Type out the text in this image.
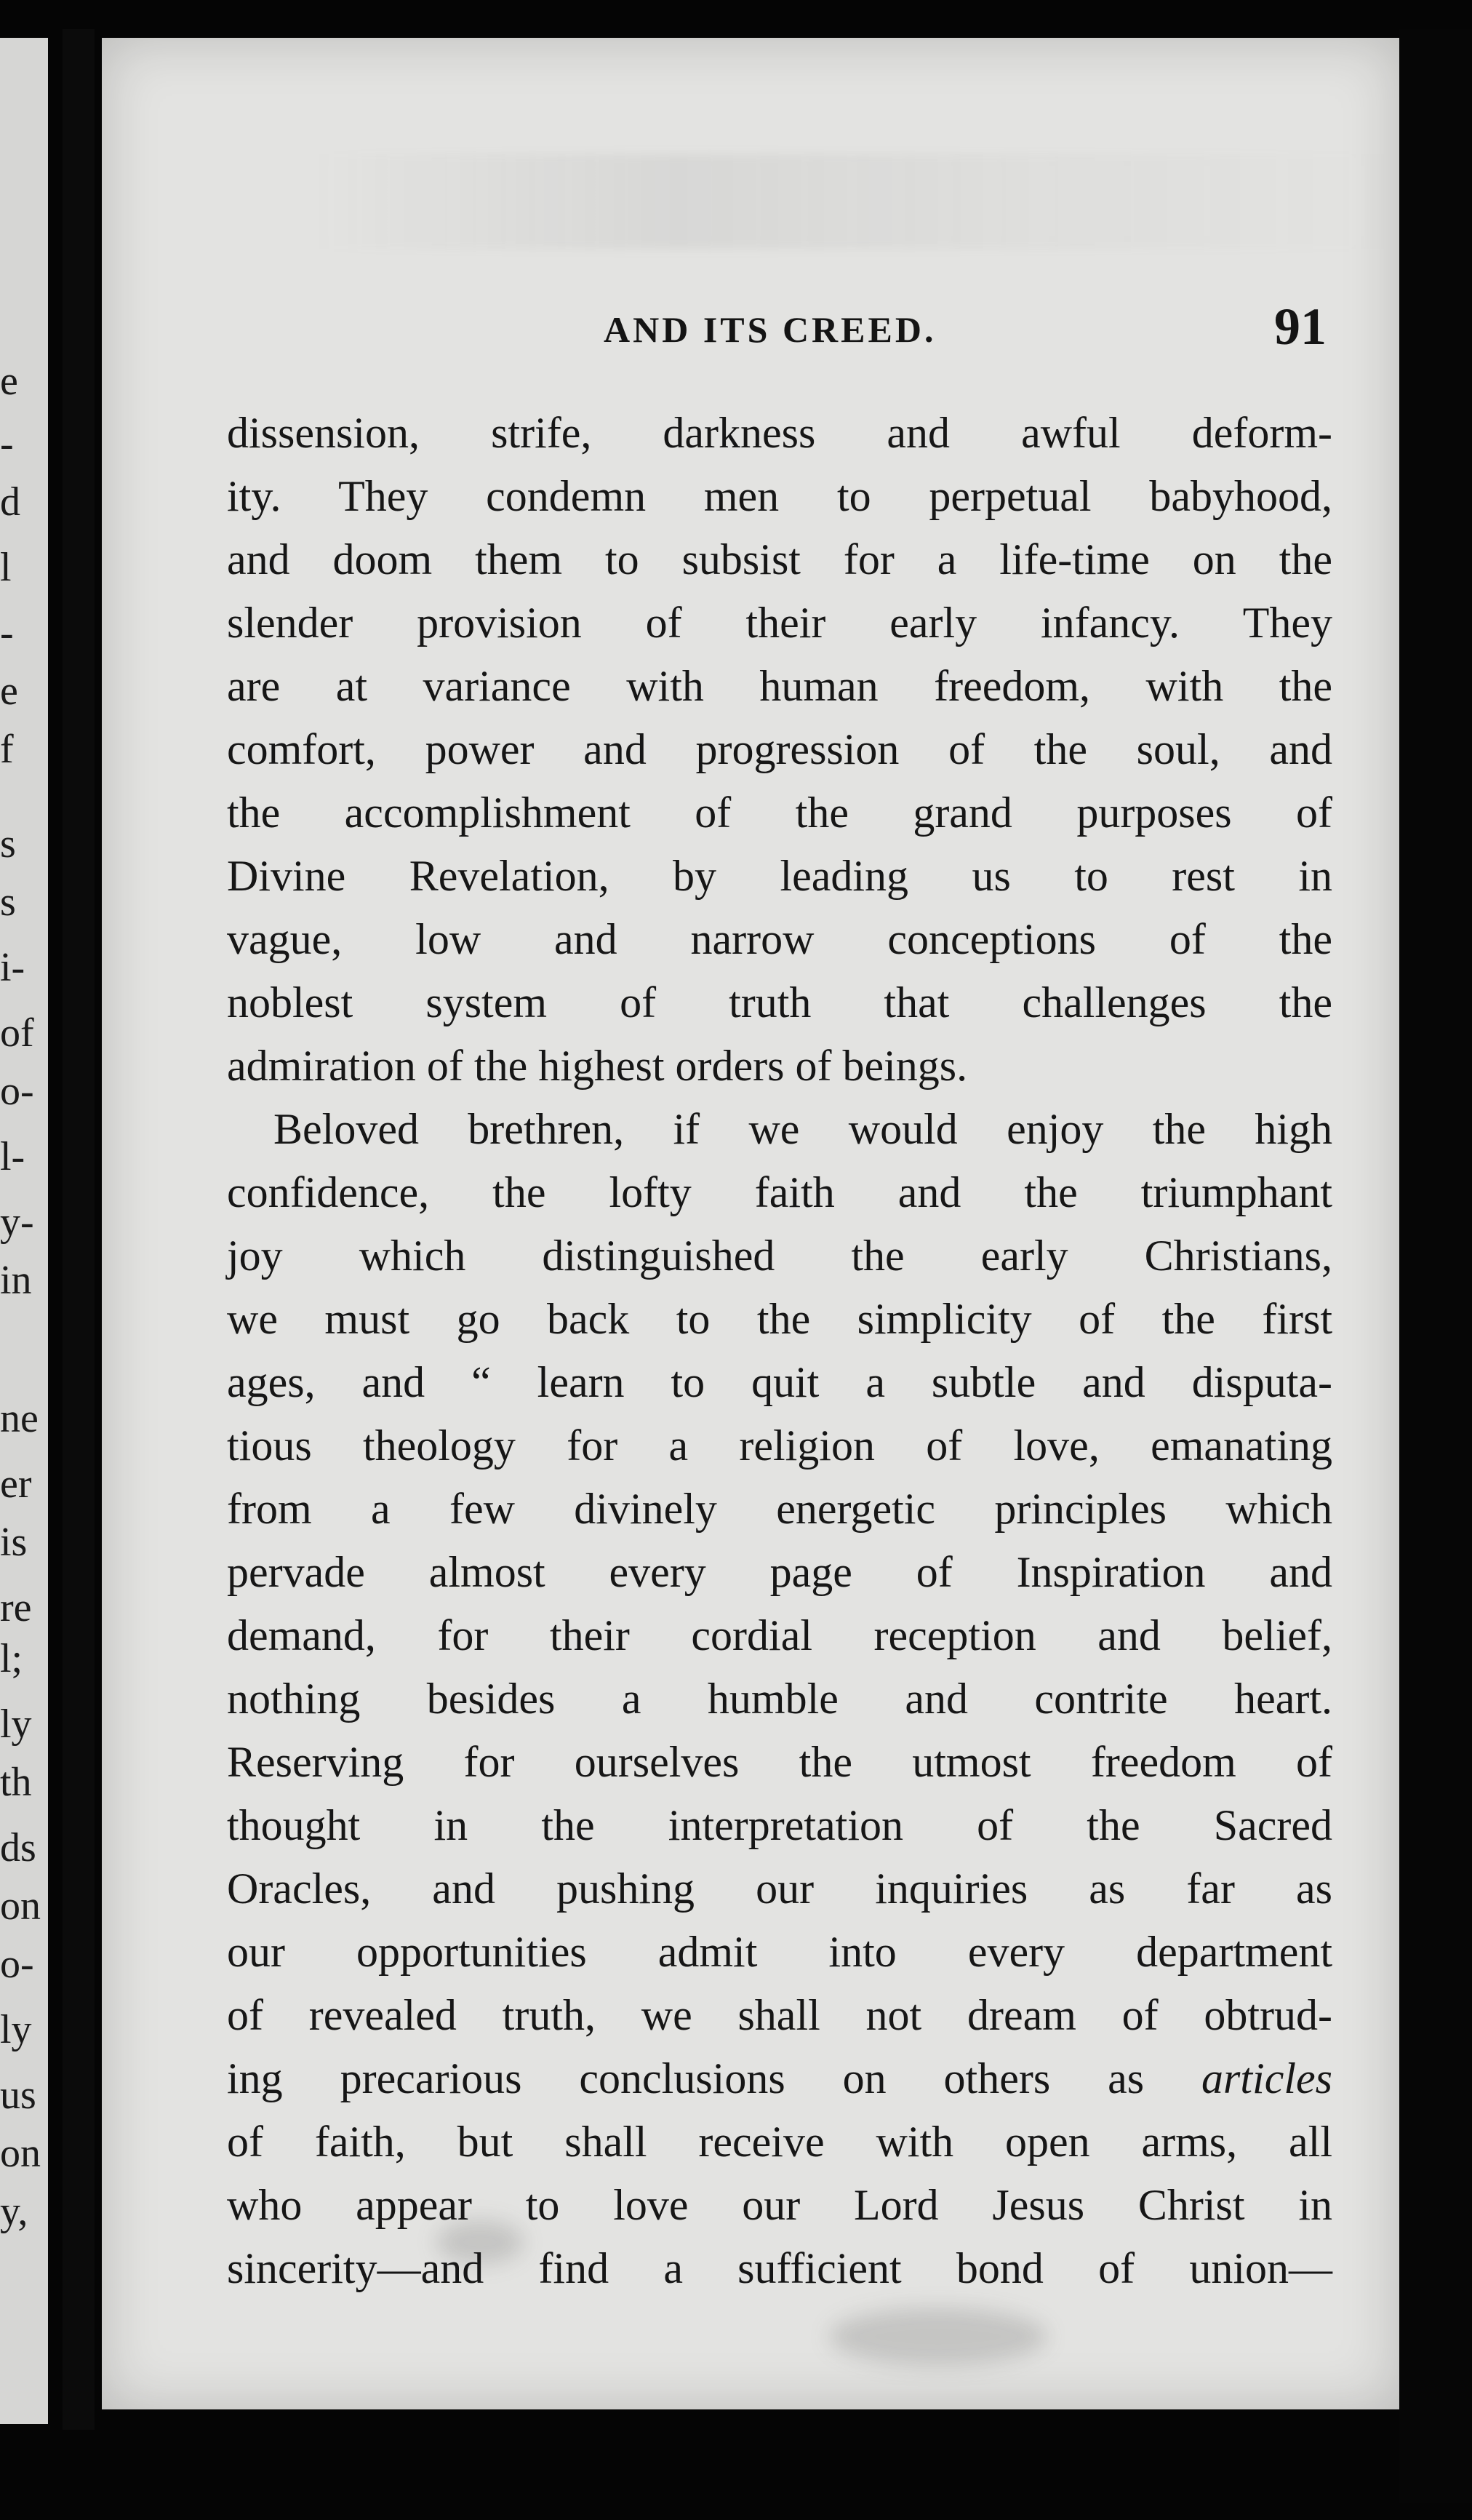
e
-
d
l
-
e
f
s
s
i-
of
o-
l-
y-
in
ne
er
is
re
l;
ly
th
ds
on
o-
ly
us
on
y,
AND ITS CREED.	91
dissension, strife, darkness and awful deform-
ity. They condemn men to perpetual babyhood,
and doom them to subsist for a life-time on the
slender provision of their early infancy. They
are at variance with human freedom, with the
comfort, power and progression of the soul, and
the accomplishment of the grand purposes of
Divine Revelation, by leading us to rest in
vague, low and narrow conceptions of the
noblest system of truth that challenges the
admiration of the highest orders of beings.
Beloved brethren, if we would enjoy the high
confidence, the lofty faith and the triumphant
joy which distinguished the early Christians,
we must go back to the simplicity of the first
ages, and “ learn to quit a subtle and disputa-
tious theology for a religion of love, emanating
from a few divinely energetic principles which
pervade almost every page of Inspiration and
demand, for their cordial reception and belief,
nothing besides a humble and contrite heart.
Reserving for ourselves the utmost freedom of
thought in the interpretation of the Sacred
Oracles, and pushing our inquiries as far as
our opportunities admit into every department
of revealed truth, we shall not dream of obtrud-
ing precarious conclusions on others as articles
of faith, but shall receive with open arms, all
who appear to love our Lord Jesus Christ in
sincerity—and find a sufficient bond of union—
